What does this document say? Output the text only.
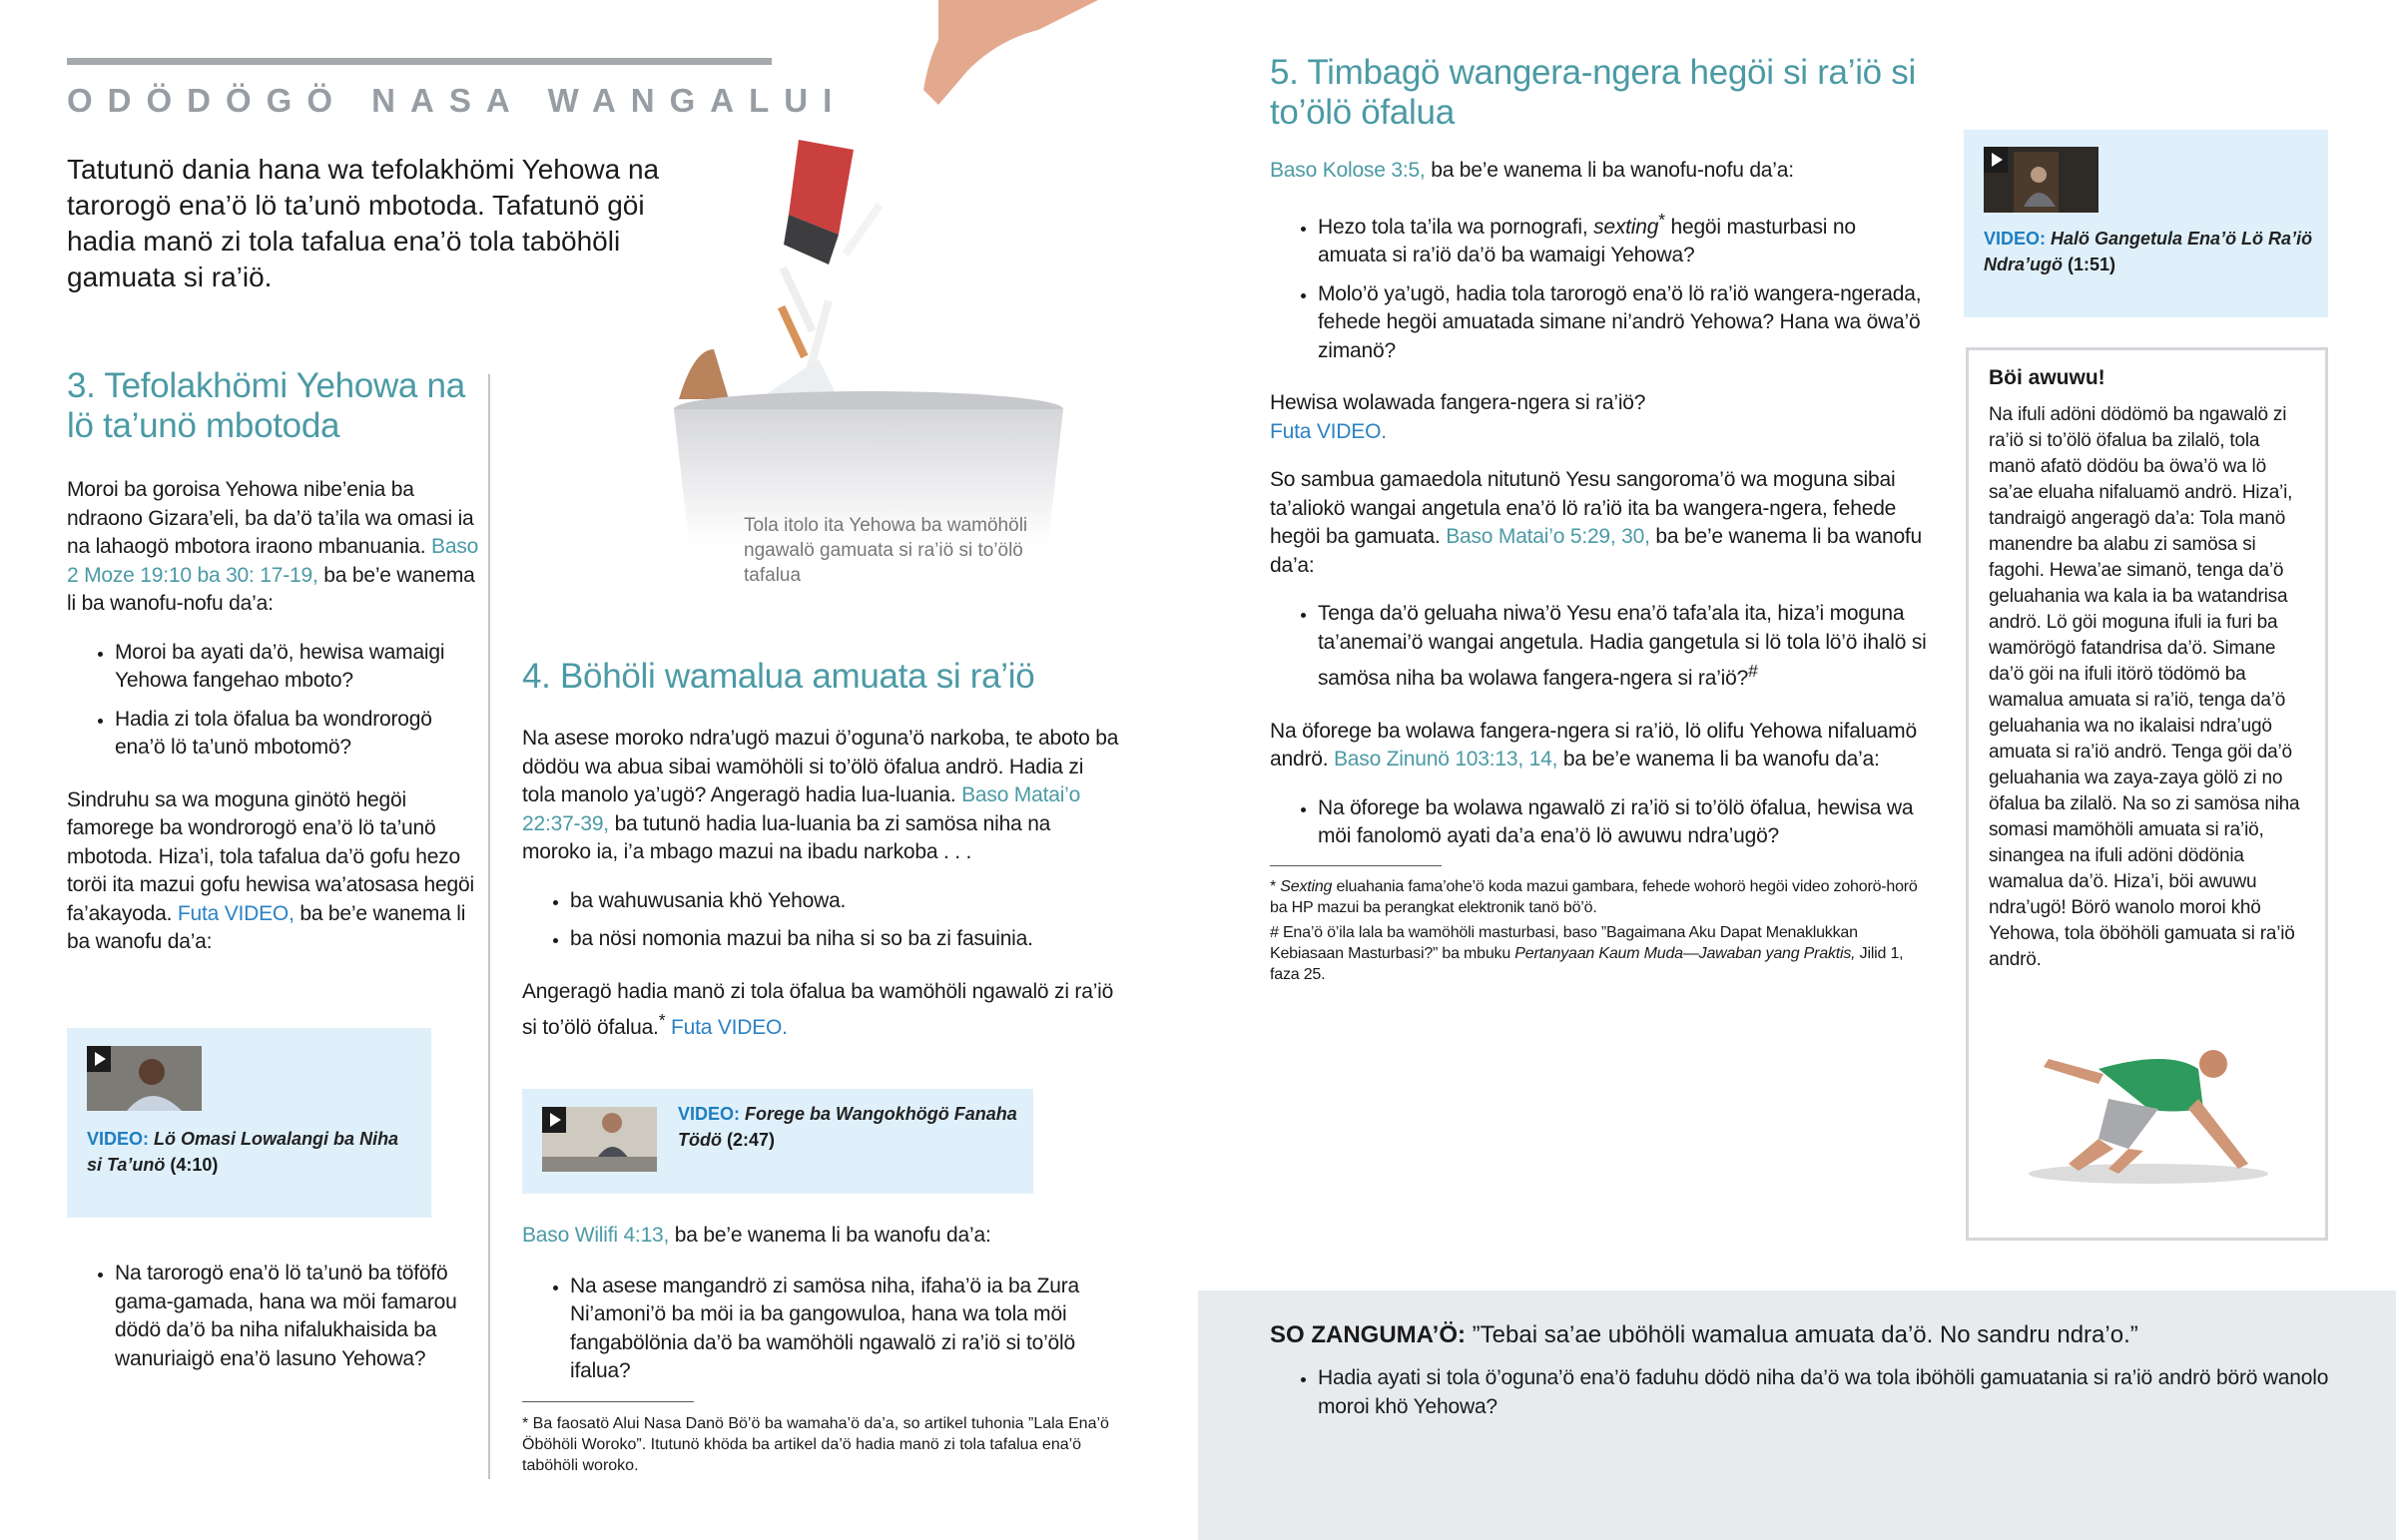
ODÖDÖGÖ NASA WANGALUI
Tatutunö dania hana wa tefolakhömi Yehowa na tarorogö ena’ö lö ta’unö mbotoda. Tafatunö göi hadia manö zi tola tafalua ena’ö tola taböhöli gamuata si ra’iö.
Tola itolo ita Yehowa ba wamöhöli ngawalö gamuata si ra’iö si to’ölö tafalua
3. Tefolakhömi Yehowa na lö ta’unö mbotoda

Moroi ba goroisa Yehowa nibe’enia ba ndraono Gizara’eli, ba da’ö ta’ila wa omasi ia na lahaogö mbotora iraono mbanuania. Baso 2 Moze 19:10 ba 30: 17-19, ba be’e wanema li ba wanofu-nofu da’a:

• Moroi ba ayati da’ö, hewisa wamaigi Yehowa fangehao mboto?
• Hadia zi tola öfalua ba wondrorogö ena’ö lö ta’unö mbotomö?

Sindruhu sa wa moguna ginötö hegöi famorege ba wondrorogö ena’ö lö ta’unö mbotoda. Hiza’i, tola tafalua da’ö gofu hezo toröi ita mazui gofu hewisa wa’atosasa hegöi fa’akayoda. Futa VIDEO, ba be’e wanema li ba wanofu da’a:

VIDEO: Lö Omasi Lowalangi ba Niha si Ta’unö (4:10)
• Na tarorogö ena’ö lö ta’unö ba töföfö gama-gamada, hana wa möi famarou dödö da’ö ba niha nifalukhaisida ba wanuriaigö ena’ö lasuno Yehowa?
4. Böhöli wamalua amuata si ra’iö

Na asese moroko ndra’ugö mazui ö’oguna’ö narkoba, te aboto ba dödöu wa abua sibai wamöhöli si to’ölö öfalua andrö. Hadia zi tola manolo ya’ugö? Angeragö hadia lua-luania. Baso Matai’o 22:37-39, ba tutunö hadia lua-luania ba zi samösa niha na moroko ia, i’a mbago mazui na ibadu narkoba . . .

• ba wahuwusania khö Yehowa.
• ba nösi nomonia mazui ba niha si so ba zi fasuinia.

Angeragö hadia manö zi tola öfalua ba wamöhöli ngawalö zi ra’iö si to’ölö öfalua.* Futa VIDEO.

VIDEO: Forege ba Wangokhögö Fanaha Tödö (2:47)

Baso Wilifi 4:13, ba be’e wanema li ba wanofu da’a:

• Na asese mangandrö zi samösa niha, ifaha’ö ia ba Zura Ni’amoni’ö ba möi ia ba gangowuloa, hana wa tola möi fangabölönia da’ö ba wamöhöli ngawalö zi ra’iö si to’ölö ifalua?
* Ba faosatö Alui Nasa Danö Bö’ö ba wamaha’ö da’a, so artikel tuhonia ”Lala Ena’ö Öböhöli Woroko”. Itutunö khöda ba artikel da’ö hadia manö zi tola tafalua ena’ö taböhöli woroko.
5. Timbagö wangera-ngera hegöi si ra’iö si to’ölö öfalua

Baso Kolose 3:5, ba be’e wanema li ba wanofu-nofu da’a:

• Hezo tola ta’ila wa pornografi, sexting* hegöi masturbasi no amuata si ra’iö da’ö ba wamaigi Yehowa?
• Molo’ö ya’ugö, hadia tola tarorogö ena’ö lö ra’iö wangera-ngerada, fehede hegöi amuatada simane ni’andrö Yehowa? Hana wa öwa’ö zimanö?

Hewisa wolawada fangera-ngera si ra’iö?
Futa VIDEO.

So sambua gamaedola nitutunö Yesu sangoroma’ö wa moguna sibai ta’aliokö wangai angetula ena’ö lö ra’iö ita ba wangera-ngera, fehede hegöi ba gamuata. Baso Matai’o 5:29, 30, ba be’e wanema li ba wanofu da’a:

• Tenga da’ö geluaha niwa’ö Yesu ena’ö tafa’ala ita, hiza’i moguna ta’anemai’ö wangai angetula. Hadia gangetula si lö tola lö’ö ihalö si samösa niha ba wolawa fangera-ngera si ra’iö?#

Na öforege ba wolawa fangera-ngera si ra’iö, lö olifu Yehowa nifaluamö andrö. Baso Zinunö 103:13, 14, ba be’e wanema li ba wanofu da’a:

• Na öforege ba wolawa ngawalö zi ra’iö si to’ölö öfalua, hewisa wa möi fanolomö ayati da’a ena’ö lö awuwu ndra’ugö?
* Sexting eluahania fama’ohe’ö koda mazui gambara, fehede wohorö hegöi video zohorö-horö ba HP mazui ba perangkat elektronik tanö bö’ö.
# Ena’ö ö’ila lala ba wamöhöli masturbasi, baso ”Bagaimana Aku Dapat Menaklukkan Kebiasaan Masturbasi?” ba mbuku Pertanyaan Kaum Muda—Jawaban yang Praktis, Jilid 1, faza 25.
VIDEO: Halö Gangetula Ena’ö Lö Ra’iö Ndra’ugö (1:51)
Böi awuwu!
Na ifuli adöni dödömö ba ngawalö zi ra’iö si to’ölö öfalua ba zilalö, tola manö afatö dödöu ba öwa’ö wa lö sa’ae eluaha nifaluamö andrö. Hiza’i, tandraigö angeragö da’a: Tola manö manendre ba alabu zi samösa si fagohi. Hewa’ae simanö, tenga da’ö geluahania wa kala ia ba watandrisa andrö. Lö göi moguna ifuli ia furi ba wamörögö fatandrisa da’ö. Simane da’ö göi na ifuli itörö tödömö ba wamalua amuata si ra’iö, tenga da’ö geluahania wa no ikalaisi ndra’ugö amuata si ra’iö andrö. Tenga göi da’ö geluahania wa zaya-zaya gölö zi no öfalua ba zilalö. Na so zi samösa niha somasi mamöhöli amuata si ra’iö, sinangea na ifuli adöni dödönia wamalua da’ö. Hiza’i, böi awuwu ndra’ugö! Börö wanolo moroi khö Yehowa, tola öböhöli gamuata si ra’iö andrö.
SO ZANGUMA’Ö: ”Tebai sa’ae uböhöli wamalua amuata da’ö. No sandru ndra’o.”
• Hadia ayati si tola ö’oguna’ö ena’ö faduhu dödö niha da’ö wa tola iböhöli gamuatania si ra’iö andrö börö wanolo moroi khö Yehowa?
